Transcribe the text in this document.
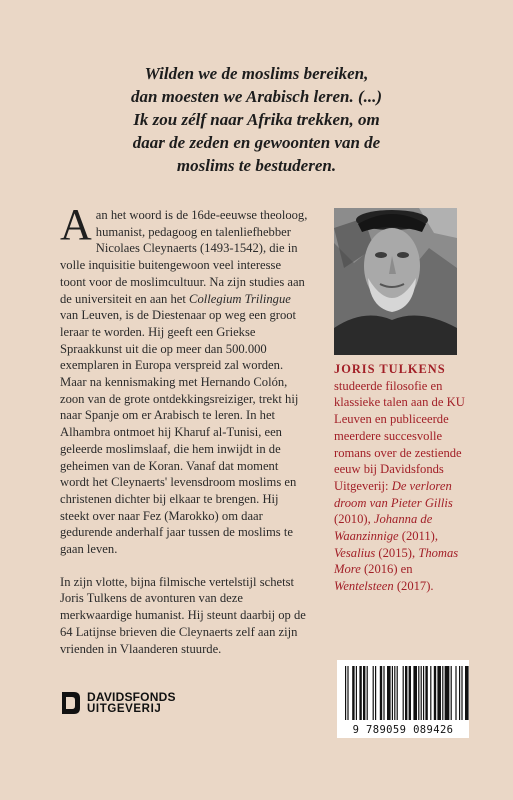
Wilden we de moslims bereiken,
dan moesten we Arabisch leren. (...)
Ik zou zélf naar Afrika trekken, om
daar de zeden en gewoonten van de
moslims te bestuderen.

Aan het woord is de 16de-eeuwse theoloog, humanist, pedagoog en talenliefhebber Nicolaes Cleynaerts (1493-1542), die in volle inquisitie buitengewoon veel interesse toont voor de moslimcultuur. Na zijn studies aan de universiteit en aan het Collegium Trilingue van Leuven, is de Diestenaar op weg een groot leraar te worden. Hij geeft een Griekse Spraakkunst uit die op meer dan 500.000 exemplaren in Europa verspreid zal worden. Maar na kennismaking met Hernando Colón, zoon van de grote ontdekkingsreiziger, trekt hij naar Spanje om er Arabisch te leren. In het Alhambra ontmoet hij Kharuf al-Tunisi, een geleerde moslimslaaf, die hem inwijdt in de geheimen van de Koran. Vanaf dat moment wordt het Cleynaerts' levensdroom moslims en christenen dichter bij elkaar te brengen. Hij steekt over naar Fez (Marokko) om daar gedurende anderhalf jaar tussen de moslims te gaan leven.

In zijn vlotte, bijna filmische vertelstijl schetst Joris Tulkens de avonturen van deze merkwaardige humanist. Hij steunt daarbij op de 64 Latijnse brieven die Cleynaerts zelf aan zijn vrienden in Vlaanderen stuurde.

JORIS TULKENS
studeerde filosofie en klassieke talen aan de KU Leuven en publiceerde meerdere succesvolle romans over de zestiende eeuw bij Davidsfonds Uitgeverij: De verloren droom van Pieter Gillis (2010), Johanna de Waanzinnige (2011), Vesalius (2015), Thomas More (2016) en Wentelsteen (2017).
DAVIDSFONDS
UITGEVERIJ
9 789059 089426
